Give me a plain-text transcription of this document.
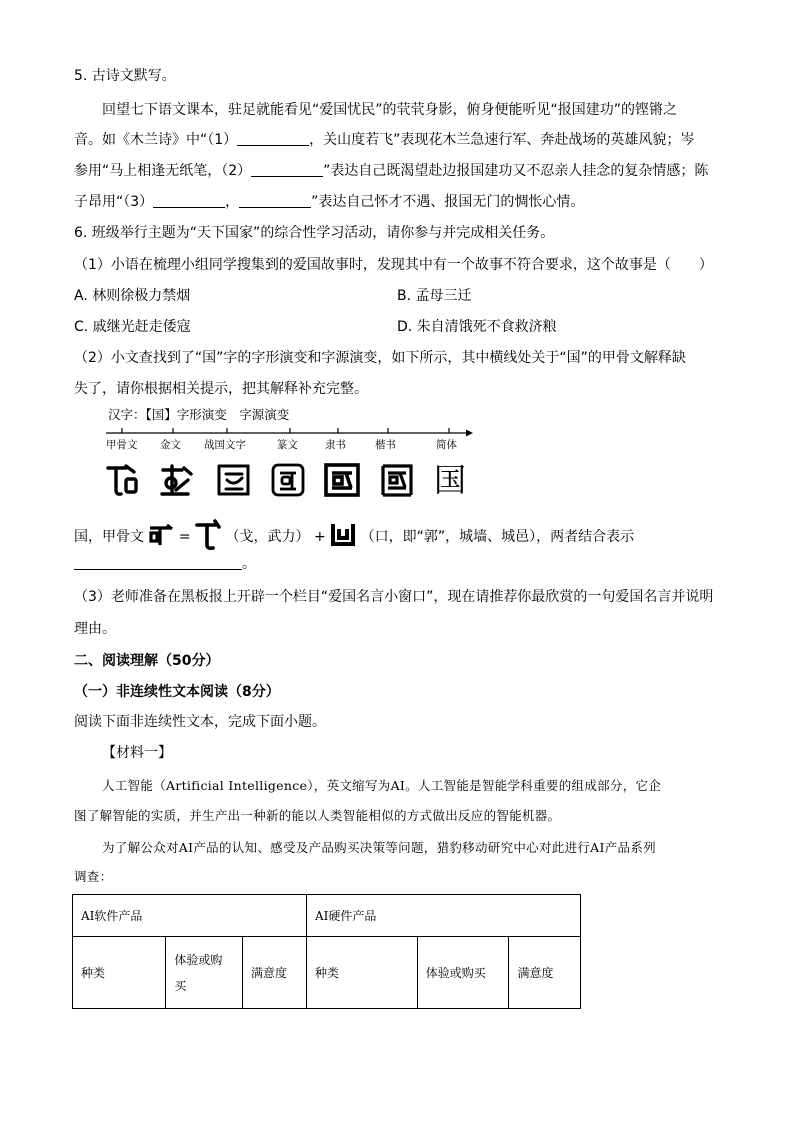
5. 古诗文默写。
回望七下语文课本，驻足就能看见“爱国忧民”的茕茕身影，俯身便能听见“报国建功”的铿锵之
音。如《木兰诗》中“（1）	，关山度若飞”表现花木兰急速行军、奔赴战场的英雄风貌；岑
参用“马上相逢无纸笔，（2）	”表达自己既渴望赴边报国建功又不忍亲人挂念的复杂情感；陈
子昂用“（3）	，	”表达自己怀才不遇、报国无门的惆怅心情。
6. 班级举行主题为“天下国家”的综合性学习活动，请你参与并完成相关任务。
（1）小语在梳理小组同学搜集到的爱国故事时，发现其中有一个故事不符合要求，这个故事是（　　）
A. 林则徐极力禁烟	B. 孟母三迁
C. 戚继光赶走倭寇	D. 朱自清饿死不食救济粮
（2）小文查找到了“国”字的字形演变和字源演变，如下所示，其中横线处关于“国”的甲骨文解释缺
失了，请你根据相关提示，把其解释补充完整。
汉字：【国】字形演变　字源演变
甲骨文 金文 战国文字	篆文	隶书	楷书	简体
国
国，甲骨文 = （戈，武力） + （口，即“郭”，城墙、城邑），两者结合表示
。
（3）老师准备在黑板报上开辟一个栏目“爱国名言小窗口”，现在请推荐你最欣赏的一句爱国名言并说明
理由。
二、阅读理解（50分）
（一）非连续性文本阅读（8分）
阅读下面非连续性文本，完成下面小题。
【材料一】
人工智能（Artificial Intelligence），英文缩写为AI。人工智能是智能学科重要的组成部分，它企
图了解智能的实质，并生产出一种新的能以人类智能相似的方式做出反应的智能机器。
为了解公众对AI产品的认知、感受及产品购买决策等问题，猎豹移动研究中心对此进行AI产品系列
调查：
AI软件产品			AI硬件产品		
种类	体验或购
买	满意度	种类	体验或购买	满意度
